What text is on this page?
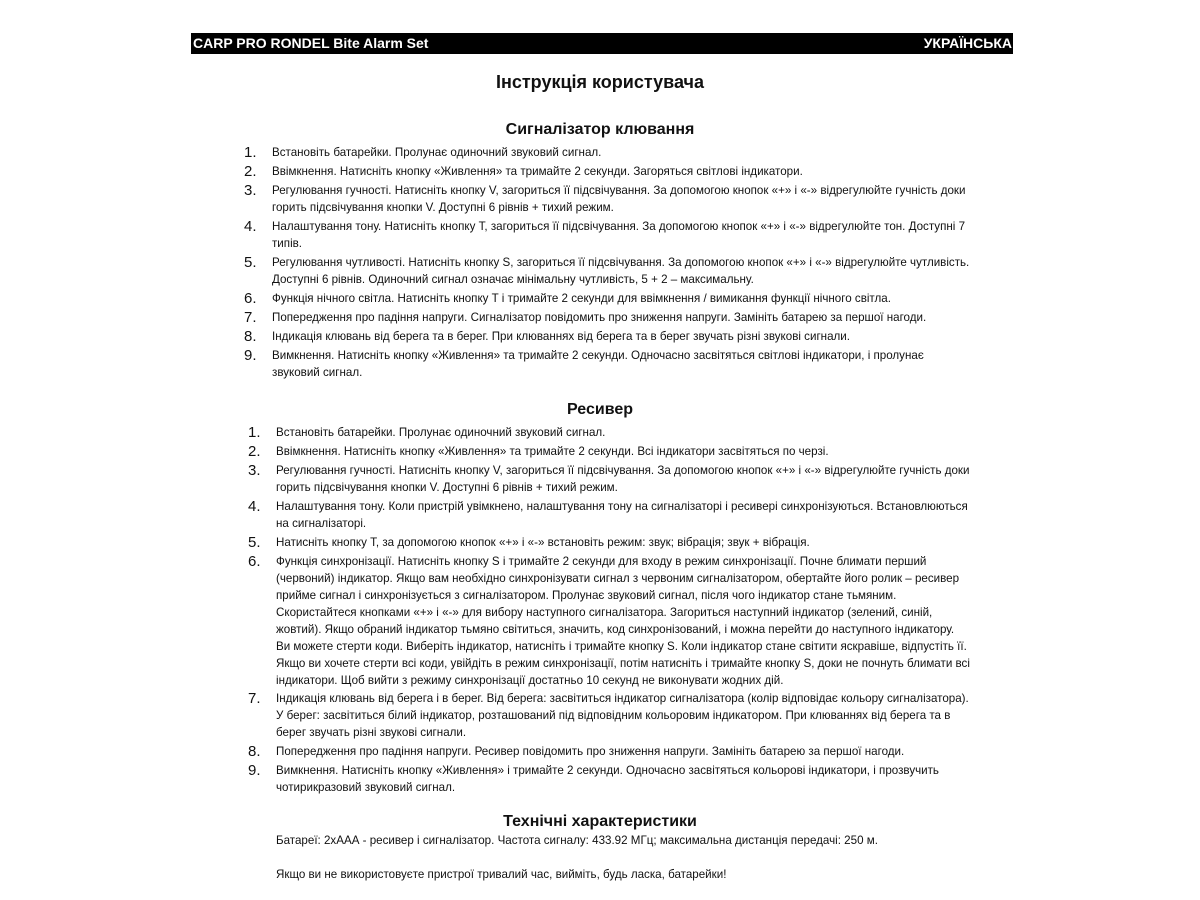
CARP PRO RONDEL Bite Alarm Set	УКРАЇНСЬКА
Інструкція користувача
Сигналізатор клювання
1. Встановіть батарейки. Пролунає одиночний звуковий сигнал.
2. Ввімкнення. Натисніть кнопку «Живлення» та тримайте 2 секунди. Загоряться світлові індикатори.
3. Регулювання гучності. Натисніть кнопку V, загориться її підсвічування. За допомогою кнопок «+» і «-» відрегулюйте гучність доки
горить підсвічування кнопки V. Доступні 6 рівнів + тихий режим.
4. Налаштування тону. Натисніть кнопку T, загориться її підсвічування. За допомогою кнопок «+» і «-» відрегулюйте тон. Доступні 7
типів.
5. Регулювання чутливості. Натисніть кнопку S, загориться її підсвічування. За допомогою кнопок «+» і «-» відрегулюйте чутливість.
Доступні 6 рівнів. Одиночний сигнал означає мінімальну чутливість, 5 + 2 – максимальну.
6. Функція нічного світла. Натисніть кнопку T і тримайте 2 секунди для ввімкнення / вимикання функції нічного світла.
7. Попередження про падіння напруги. Сигналізатор повідомить про зниження напруги. Замініть батарею за першої нагоди.
8. Індикація клювань від берега та в берег. При клюваннях від берега та в берег звучать різні звукові сигнали.
9. Вимкнення. Натисніть кнопку «Живлення» та тримайте 2 секунди. Одночасно засвітяться світлові індикатори, і пролунає
звуковий сигнал.
Ресивер
1. Встановіть батарейки. Пролунає одиночний звуковий сигнал.
2. Ввімкнення. Натисніть кнопку «Живлення» та тримайте 2 секунди. Всі індикатори засвітяться по черзі.
3. Регулювання гучності. Натисніть кнопку V, загориться її підсвічування. За допомогою кнопок «+» і «-» відрегулюйте гучність доки
горить підсвічування кнопки V. Доступні 6 рівнів + тихий режим.
4. Налаштування тону. Коли пристрій увімкнено, налаштування тону на сигналізаторі і ресивері синхронізуються. Встановлюються
на сигналізаторі.
5. Натисніть кнопку T, за допомогою кнопок «+» і «-» встановіть режим: звук; вібрація; звук + вібрація.
6. Функція синхронізації. Натисніть кнопку S і тримайте 2 секунди для входу в режим синхронізації. Почне блимати перший
(червоний) індикатор. Якщо вам необхідно синхронізувати сигнал з червоним сигналізатором, обертайте його ролик – ресивер
прийме сигнал і синхронізується з сигналізатором. Пролунає звуковий сигнал, після чого індикатор стане тьмяним.
Скористайтеся кнопками «+» і «-» для вибору наступного сигналізатора. Загориться наступний індикатор (зелений, синій,
жовтий). Якщо обраний індикатор тьмяно світиться, значить, код синхронізований, і можна перейти до наступного індикатору.
Ви можете стерти коди. Виберіть індикатор, натисніть і тримайте кнопку S. Коли індикатор стане світити яскравіше, відпустіть її.
Якщо ви хочете стерти всі коди, увійдіть в режим синхронізації, потім натисніть і тримайте кнопку S, доки не почнуть блимати всі
індикатори. Щоб вийти з режиму синхронізації достатньо 10 секунд не виконувати жодних дій.
7. Індикація клювань від берега і в берег. Від берега: засвітиться індикатор сигналізатора (колір відповідає кольору сигналізатора).
У берег: засвітиться білий індикатор, розташований під відповідним кольоровим індикатором. При клюваннях від берега та в
берег звучать різні звукові сигнали.
8. Попередження про падіння напруги. Ресивер повідомить про зниження напруги. Замініть батарею за першої нагоди.
9. Вимкнення. Натисніть кнопку «Живлення» і тримайте 2 секунди. Одночасно засвітяться кольорові індикатори, і прозвучить
чотирикразовий звуковий сигнал.
Технічні характеристики
Батареї: 2хААА - ресивер і сигналізатор. Частота сигналу: 433.92 МГц; максимальна дистанція передачі: 250 м.
Якщо ви не використовуєте пристрої тривалий час, вийміть, будь ласка, батарейки!
